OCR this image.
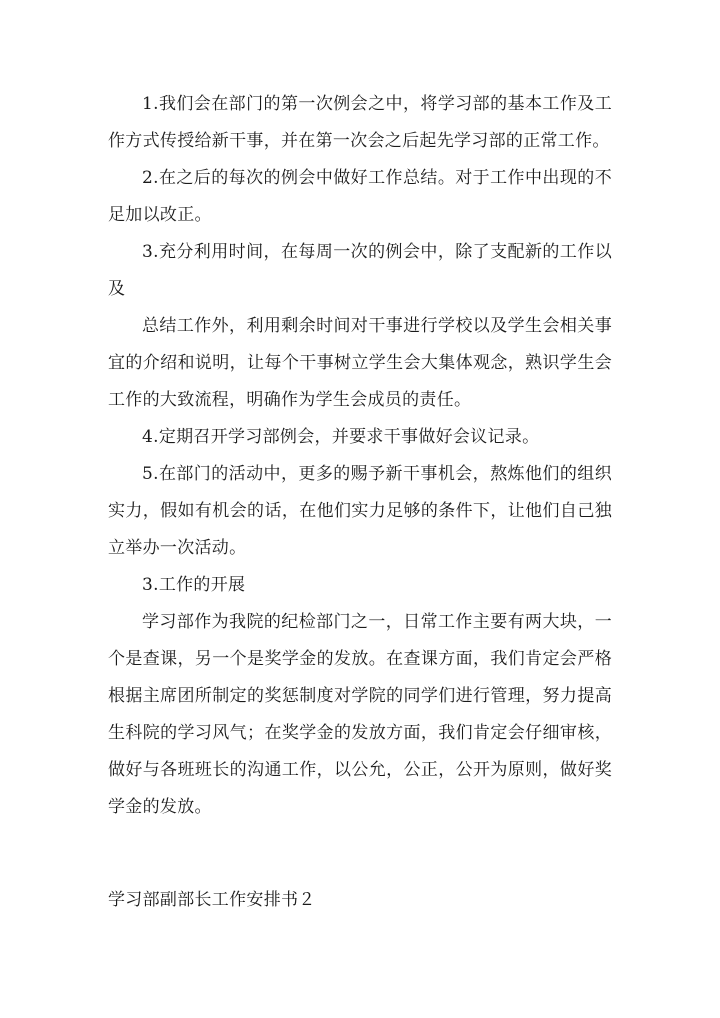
1.我们会在部门的第一次例会之中，将学习部的基本工作及工作方式传授给新干事，并在第一次会之后起先学习部的正常工作。

2.在之后的每次的例会中做好工作总结。对于工作中出现的不足加以改正。

3.充分利用时间，在每周一次的例会中，除了支配新的工作以及

总结工作外，利用剩余时间对干事进行学校以及学生会相关事宜的介绍和说明，让每个干事树立学生会大集体观念，熟识学生会工作的大致流程，明确作为学生会成员的责任。

4.定期召开学习部例会，并要求干事做好会议记录。

5.在部门的活动中，更多的赐予新干事机会，熬炼他们的组织实力，假如有机会的话，在他们实力足够的条件下，让他们自己独立举办一次活动。

3.工作的开展

学习部作为我院的纪检部门之一，日常工作主要有两大块，一个是查课，另一个是奖学金的发放。在查课方面，我们肯定会严格根据主席团所制定的奖惩制度对学院的同学们进行管理，努力提高生科院的学习风气；在奖学金的发放方面，我们肯定会仔细审核，做好与各班班长的沟通工作，以公允，公正，公开为原则，做好奖学金的发放。

学习部副部长工作安排书２
